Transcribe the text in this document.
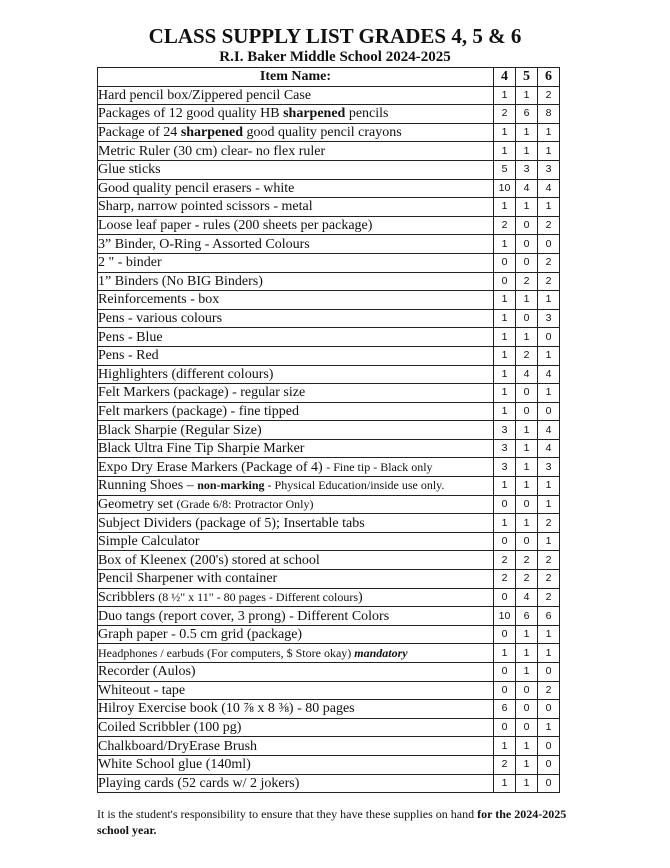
CLASS SUPPLY LIST GRADES 4, 5 & 6
R.I. Baker Middle School 2024-2025
Item Name:	4	5	6
Hard pencil box/Zippered pencil Case	1	1	2
Packages of 12 good quality HB sharpened pencils	2	6	8
Package of 24 sharpened good quality pencil crayons	1	1	1
Metric Ruler (30 cm) clear- no flex ruler	1	1	1
Glue sticks	5	3	3
Good quality pencil erasers - white	10	4	4
Sharp, narrow pointed scissors - metal	1	1	1
Loose leaf paper - rules (200 sheets per package)	2	0	2
3” Binder, O-Ring - Assorted Colours	1	0	0
2 " - binder	0	0	2
1” Binders (No BIG Binders)	0	2	2
Reinforcements - box	1	1	1
Pens - various colours	1	0	3
Pens - Blue	1	1	0
Pens - Red	1	2	1
Highlighters (different colours)	1	4	4
Felt Markers (package) - regular size	1	0	1
Felt markers (package) - fine tipped	1	0	0
Black Sharpie (Regular Size)	3	1	4
Black Ultra Fine Tip Sharpie Marker	3	1	4
Expo Dry Erase Markers (Package of 4) - Fine tip - Black only	3	1	3
Running Shoes – non-marking - Physical Education/inside use only.	1	1	1
Geometry set (Grade 6/8: Protractor Only)	0	0	1
Subject Dividers (package of 5); Insertable tabs	1	1	2
Simple Calculator	0	0	1
Box of Kleenex (200's) stored at school	2	2	2
Pencil Sharpener with container	2	2	2
Scribblers (8 ½" x 11" - 80 pages - Different colours)	0	4	2
Duo tangs (report cover, 3 prong) - Different Colors	10	6	6
Graph paper - 0.5 cm grid (package)	0	1	1
Headphones / earbuds (For computers, $ Store okay) mandatory	1	1	1
Recorder (Aulos)	0	1	0
Whiteout - tape	0	0	2
Hilroy Exercise book (10 ⅞ x 8 ⅜) - 80 pages	6	0	0
Coiled Scribbler (100 pg)	0	0	1
Chalkboard/DryErase Brush	1	1	0
White School glue (140ml)	2	1	0
Playing cards (52 cards w/ 2 jokers)	1	1	0

It is the student's responsibility to ensure that they have these supplies on hand for the 2024-2025 school year.
